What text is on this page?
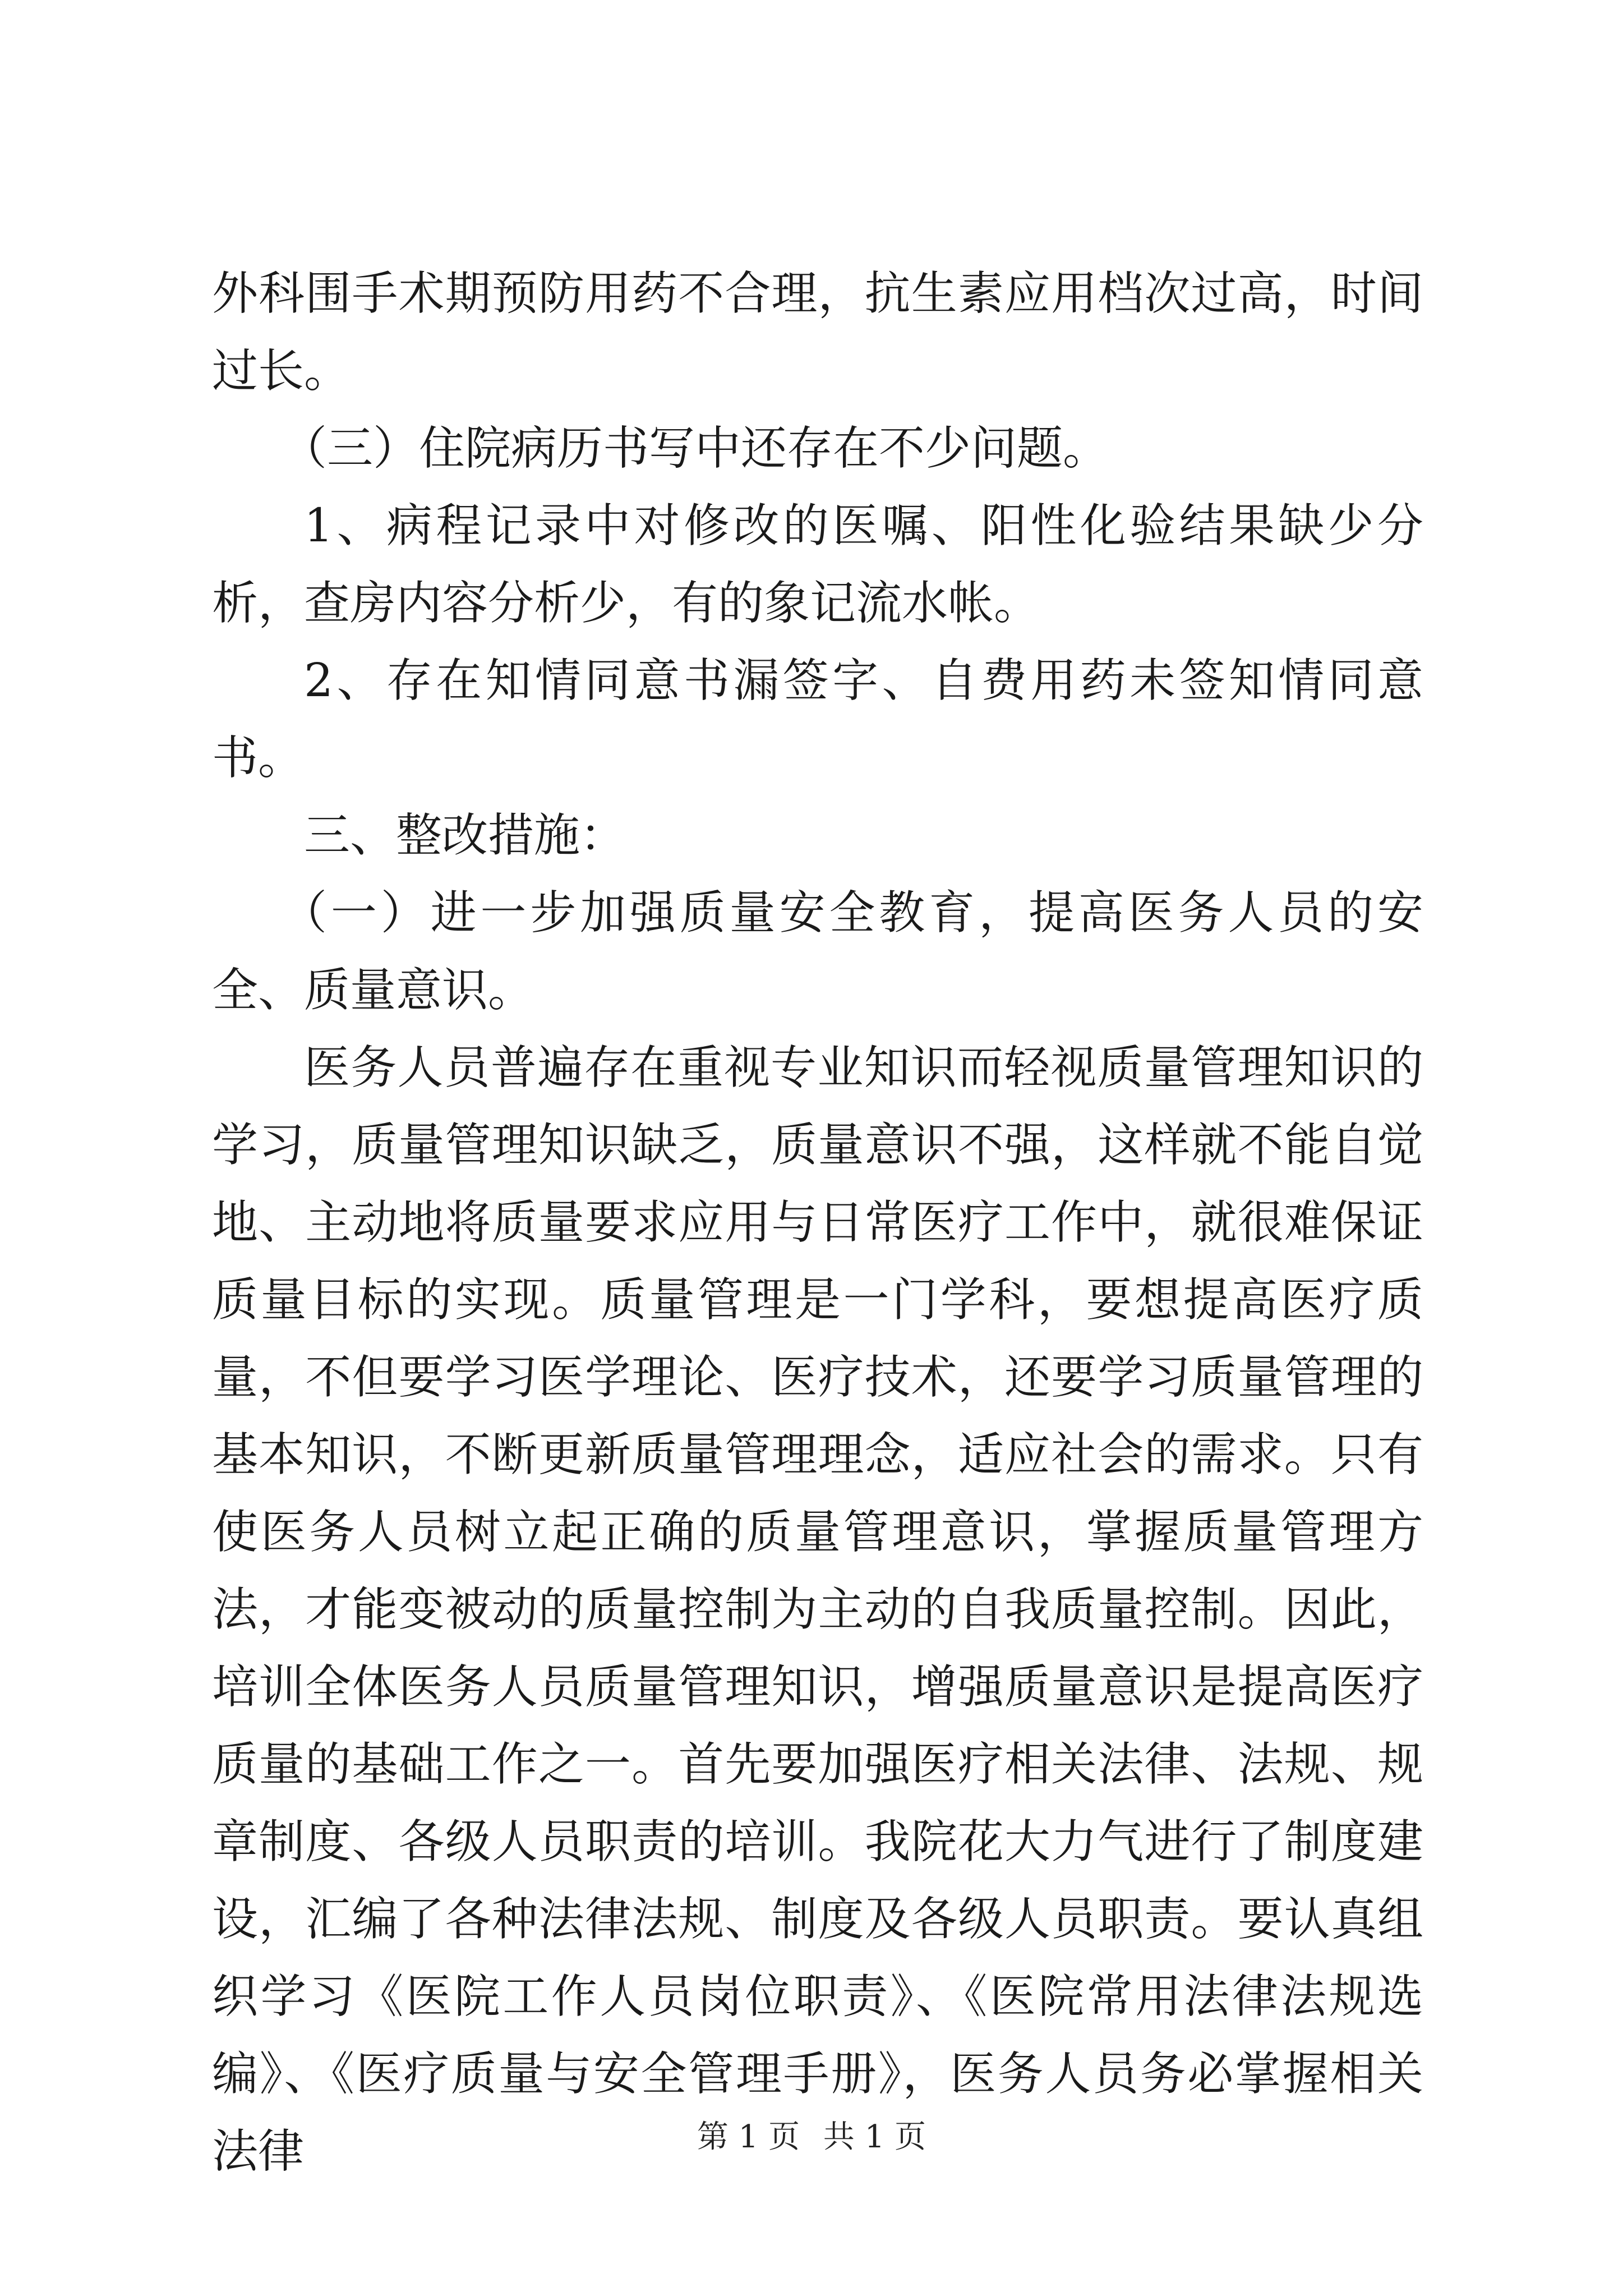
外科围手术期预防用药不合理，抗生素应用档次过高，时间过长。

（三）住院病历书写中还存在不少问题。

1、病程记录中对修改的医嘱、阳性化验结果缺少分析，查房内容分析少，有的象记流水帐。

2、存在知情同意书漏签字、自费用药未签知情同意书。

三、整改措施：

（一）进一步加强质量安全教育，提高医务人员的安全、质量意识。

医务人员普遍存在重视专业知识而轻视质量管理知识的学习，质量管理知识缺乏，质量意识不强，这样就不能自觉地、主动地将质量要求应用与日常医疗工作中，就很难保证质量目标的实现。质量管理是一门学科，要想提高医疗质量，不但要学习医学理论、医疗技术，还要学习质量管理的基本知识，不断更新质量管理理念，适应社会的需求。只有使医务人员树立起正确的质量管理意识，掌握质量管理方法，才能变被动的质量控制为主动的自我质量控制。因此，培训全体医务人员质量管理知识，增强质量意识是提高医疗质量的基础工作之一。首先要加强医疗相关法律、法规、规章制度、各级人员职责的培训。我院花大力气进行了制度建设，汇编了各种法律法规、制度及各级人员职责。要认真组织学习《医院工作人员岗位职责》、《医院常用法律法规选编》、《医疗质量与安全管理手册》，医务人员务必掌握相关法律	第 1 页 共 1 页
